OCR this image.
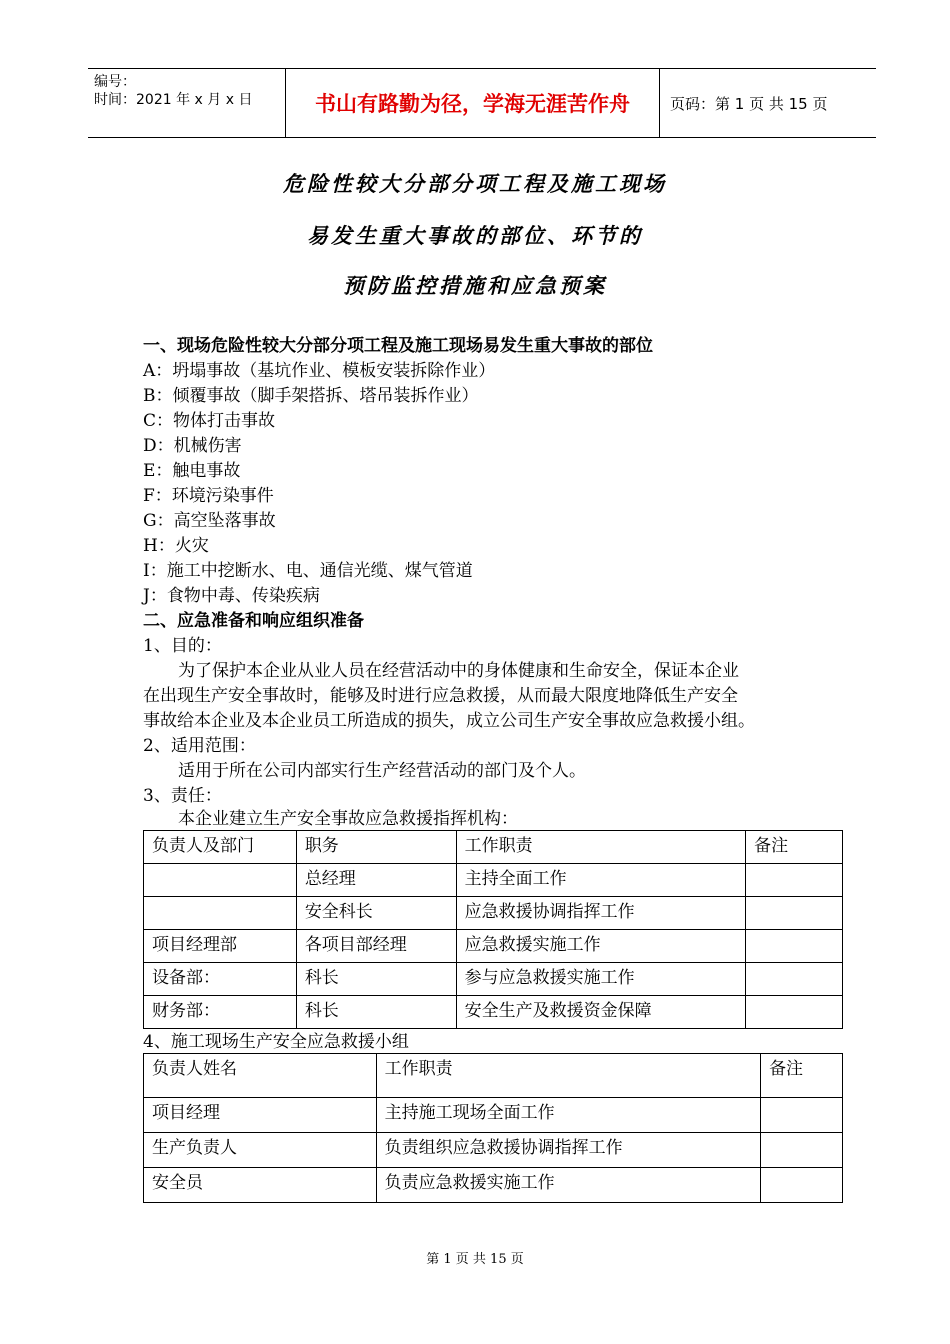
编号：
时间：2021 年 x 月 x 日	书山有路勤为径，学海无涯苦作舟	页码：第 1 页 共 15 页
危险性较大分部分项工程及施工现场
易发生重大事故的部位、环节的
预防监控措施和应急预案
一、现场危险性较大分部分项工程及施工现场易发生重大事故的部位
A：坍塌事故（基坑作业、模板安装拆除作业）
B：倾覆事故（脚手架搭拆、塔吊装拆作业）
C：物体打击事故
D：机械伤害
E：触电事故
F：环境污染事件
G：高空坠落事故
H：火灾
I：施工中挖断水、电、通信光缆、煤气管道
J：食物中毒、传染疾病
二、应急准备和响应组织准备
1、目的：
为了保护本企业从业人员在经营活动中的身体健康和生命安全，保证本企业
在出现生产安全事故时，能够及时进行应急救援，从而最大限度地降低生产安全
事故给本企业及本企业员工所造成的损失，成立公司生产安全事故应急救援小组。
2、适用范围：
适用于所在公司内部实行生产经营活动的部门及个人。
3、责任：
本企业建立生产安全事故应急救援指挥机构：
负责人及部门	职务	工作职责	备注
	总经理	主持全面工作	
	安全科长	应急救援协调指挥工作	
项目经理部	各项目部经理	应急救援实施工作	
设备部：	科长	参与应急救援实施工作	
财务部：	科长	安全生产及救援资金保障	
4、施工现场生产安全应急救援小组
负责人姓名	工作职责	备注
项目经理	主持施工现场全面工作	
生产负责人	负责组织应急救援协调指挥工作	
安全员	负责应急救援实施工作	
第 1 页 共 15 页
